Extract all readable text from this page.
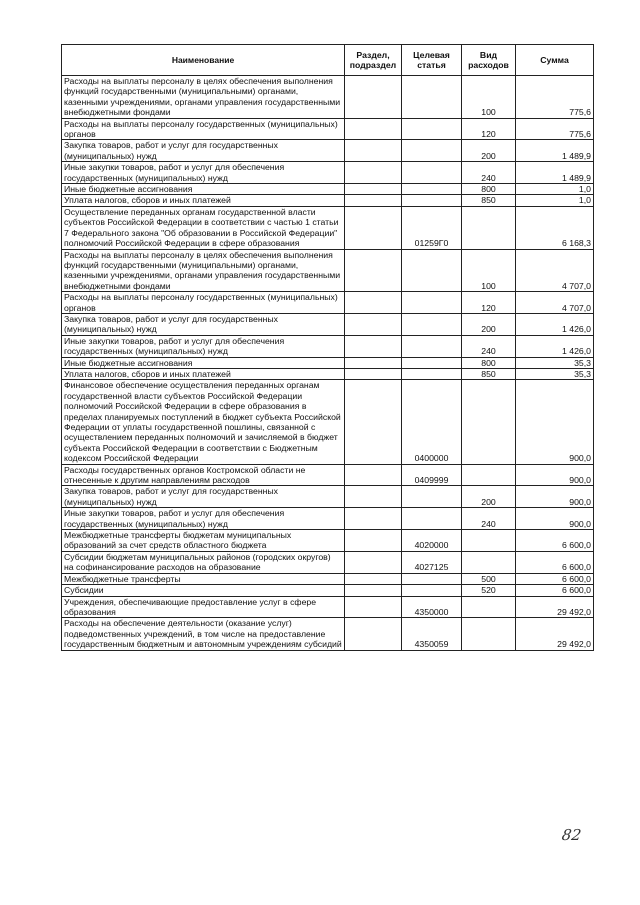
Наименование	Раздел, подраздел	Целевая статья	Вид расходов	Сумма
Расходы на выплаты персоналу в целях обеспечения выполнения функций государственными (муниципальными) органами, казенными учреждениями, органами управления государственными внебюджетными фондами			100	775,6
Расходы на выплаты персоналу государственных (муниципальных) органов			120	775,6
Закупка товаров, работ и услуг для государственных (муниципальных) нужд			200	1 489,9
Иные закупки товаров, работ и услуг для обеспечения государственных (муниципальных) нужд			240	1 489,9
Иные бюджетные ассигнования			800	1,0
Уплата налогов, сборов и иных платежей			850	1,0
Осуществление переданных органам государственной власти субъектов Российской Федерации в соответствии с частью 1 статьи 7 Федерального закона "Об образовании в Российской Федерации" полномочий Российской Федерации в сфере образования		01259Г0		6 168,3
Расходы на выплаты персоналу в целях обеспечения выполнения функций государственными (муниципальными) органами, казенными учреждениями, органами управления государственными внебюджетными фондами			100	4 707,0
Расходы на выплаты персоналу государственных (муниципальных) органов			120	4 707,0
Закупка товаров, работ и услуг для государственных (муниципальных) нужд			200	1 426,0
Иные закупки товаров, работ и услуг для обеспечения государственных (муниципальных) нужд			240	1 426,0
Иные бюджетные ассигнования			800	35,3
Уплата налогов, сборов и иных платежей			850	35,3
Финансовое обеспечение осуществления переданных органам государственной власти субъектов Российской Федерации полномочий Российской Федерации в сфере образования в пределах планируемых поступлений в бюджет субъекта Российской Федерации от уплаты государственной пошлины, связанной с осуществлением переданных полномочий и зачисляемой в бюджет субъекта Российской Федерации в соответствии с Бюджетным кодексом Российской Федерации		0400000		900,0
Расходы государственных органов Костромской области не отнесенные к другим направлениям расходов		0409999		900,0
Закупка товаров, работ и услуг для государственных (муниципальных) нужд			200	900,0
Иные закупки товаров, работ и услуг для обеспечения государственных (муниципальных) нужд			240	900,0
Межбюджетные трансферты бюджетам муниципальных образований за счет средств областного бюджета		4020000		6 600,0
Субсидии бюджетам муниципальных районов (городских округов) на софинансирование расходов на образование		4027125		6 600,0
Межбюджетные трансферты			500	6 600,0
Субсидии			520	6 600,0
Учреждения, обеспечивающие предоставление услуг в сфере образования		4350000		29 492,0
Расходы на обеспечение деятельности (оказание услуг) подведомственных учреждений, в том числе на предоставление государственным бюджетным и автономным учреждениям субсидий		4350059		29 492,0
82
